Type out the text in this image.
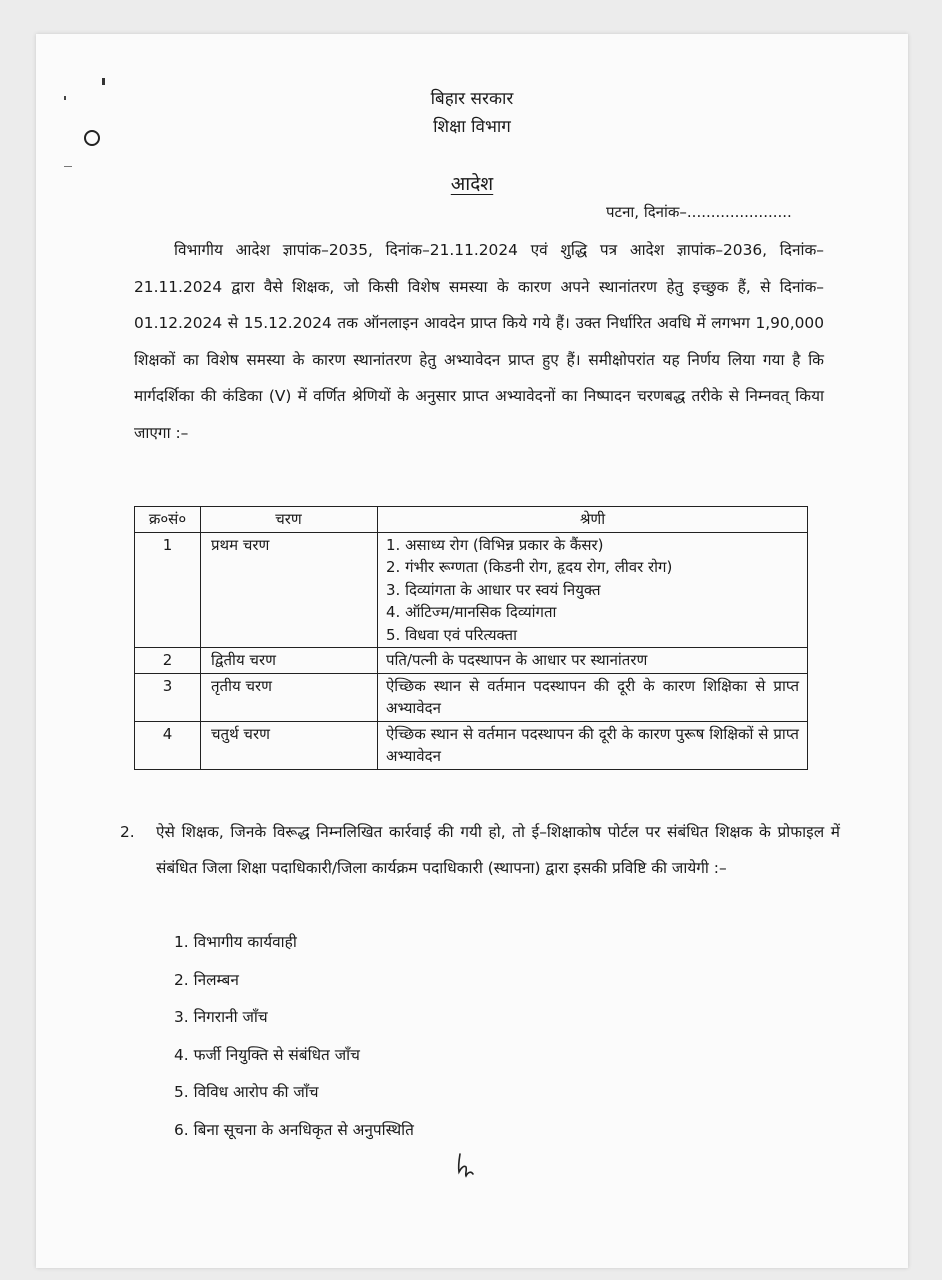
बिहार सरकार
शिक्षा विभाग
आदेश
पटना, दिनांक–......................

विभागीय आदेश ज्ञापांक–2035, दिनांक–21.11.2024 एवं शुद्धि पत्र आदेश ज्ञापांक–2036, दिनांक–21.11.2024 द्वारा वैसे शिक्षक, जो किसी विशेष समस्या के कारण अपने स्थानांतरण हेतु इच्छुक हैं, से दिनांक–01.12.2024 से 15.12.2024 तक ऑनलाइन आवदेन प्राप्त किये गये हैं। उक्त निर्धारित अवधि में लगभग 1,90,000 शिक्षकों का विशेष समस्या के कारण स्थानांतरण हेतु अभ्यावेदन प्राप्त हुए हैं। समीक्षोपरांत यह निर्णय लिया गया है कि मार्गदर्शिका की कंडिका (V) में वर्णित श्रेणियों के अनुसार प्राप्त अभ्यावेदनों का निष्पादन चरणबद्ध तरीके से निम्नवत् किया जाएगा :–

क्र०सं०	चरण	श्रेणी
1	प्रथम चरण	1. असाध्य रोग (विभिन्न प्रकार के कैंसर)
2. गंभीर रूग्णता (किडनी रोग, हृदय रोग, लीवर रोग)
3. दिव्यांगता के आधार पर स्वयं नियुक्त
4. ऑटिज्म/मानसिक दिव्यांगता
5. विधवा एवं परित्यक्ता

2	द्वितीय चरण	पति/पत्नी के पदस्थापन के आधार पर स्थानांतरण

3	तृतीय चरण	ऐच्छिक स्थान से वर्तमान पदस्थापन की दूरी के कारण शिक्षिका से प्राप्त अभ्यावेदन

4	चतुर्थ चरण	ऐच्छिक स्थान से वर्तमान पदस्थापन की दूरी के कारण पुरूष शिक्षिकों से प्राप्त अभ्यावेदन
2. ऐसे शिक्षक, जिनके विरूद्ध निम्नलिखित कार्रवाई की गयी हो, तो ई–शिक्षाकोष पोर्टल पर संबंधित शिक्षक के प्रोफाइल में संबंधित जिला शिक्षा पदाधिकारी/जिला कार्यक्रम पदाधिकारी (स्थापना) द्वारा इसकी प्रविष्टि की जायेगी :–
1. विभागीय कार्यवाही
2. निलम्बन
3. निगरानी जाँच
4. फर्जी नियुक्ति से संबंधित जाँच
5. विविध आरोप की जाँच
6. बिना सूचना के अनधिकृत से अनुपस्थिति
